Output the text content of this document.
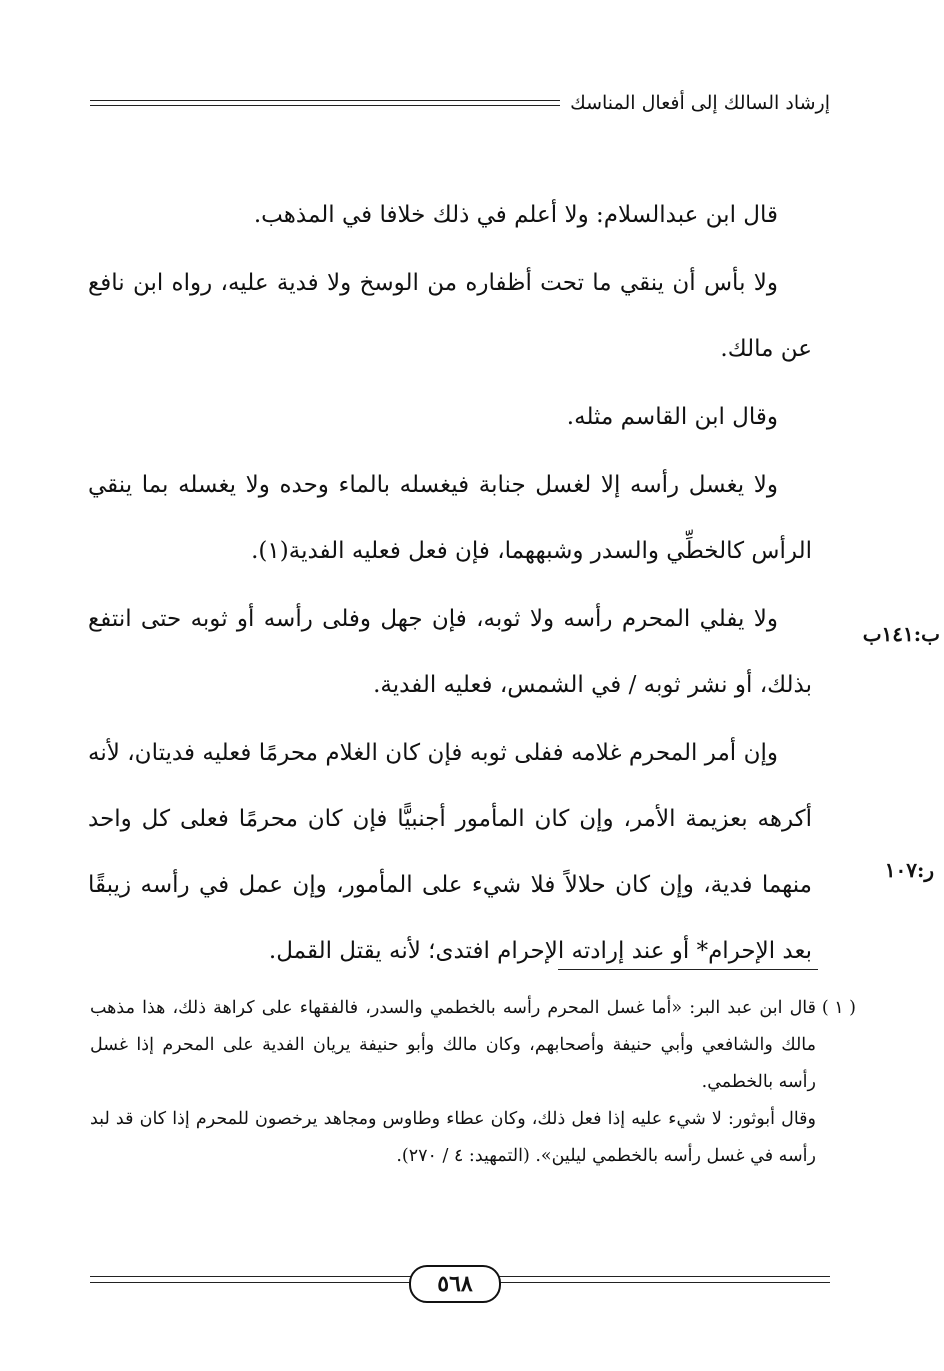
إرشاد السالك إلى أفعال المناسك

قال ابن عبدالسلام: ولا أعلم في ذلك خلافا في المذهب.

ولا بأس أن ينقي ما تحت أظفاره من الوسخ ولا فدية عليه، رواه ابن نافع عن مالك.

وقال ابن القاسم مثله.

ولا يغسل رأسه إلا لغسل جنابة فيغسله بالماء وحده ولا يغسله بما ينقي الرأس كالخطِّي والسدر وشبههما، فإن فعل فعليه الفدية(١).

ولا يفلي المحرم رأسه ولا ثوبه، فإن جهل وفلى رأسه أو ثوبه حتى انتفع بذلك، أو نشر ثوبه / في الشمس، فعليه الفدية.

وإن أمر المحرم غلامه ففلى ثوبه فإن كان الغلام محرمًا فعليه فديتان، لأنه أكرهه بعزيمة الأمر، وإن كان المأمور أجنبيًّا فإن كان محرمًا فعلى كل واحد منهما فدية، وإن كان حلالاً فلا شيء على المأمور، وإن عمل في رأسه زيبقًا بعد الإحرام* أو عند إرادته الإحرام افتدى؛ لأنه يقتل القمل.

ب:١٤١ب
ر:١٠٧
( ١ )

قال ابن عبد البر: «أما غسل المحرم رأسه بالخطمي والسدر، فالفقهاء على كراهة ذلك، هذا مذهب مالك والشافعي وأبي حنيفة وأصحابهم، وكان مالك وأبو حنيفة يريان الفدية على المحرم إذا غسل رأسه بالخطمي.

وقال أبوثور: لا شيء عليه إذا فعل ذلك، وكان عطاء وطاوس ومجاهد يرخصون للمحرم إذا كان قد لبد رأسه في غسل رأسه بالخطمي ليلين». (التمهيد: ٤ / ٢٧٠).

٥٦٨
